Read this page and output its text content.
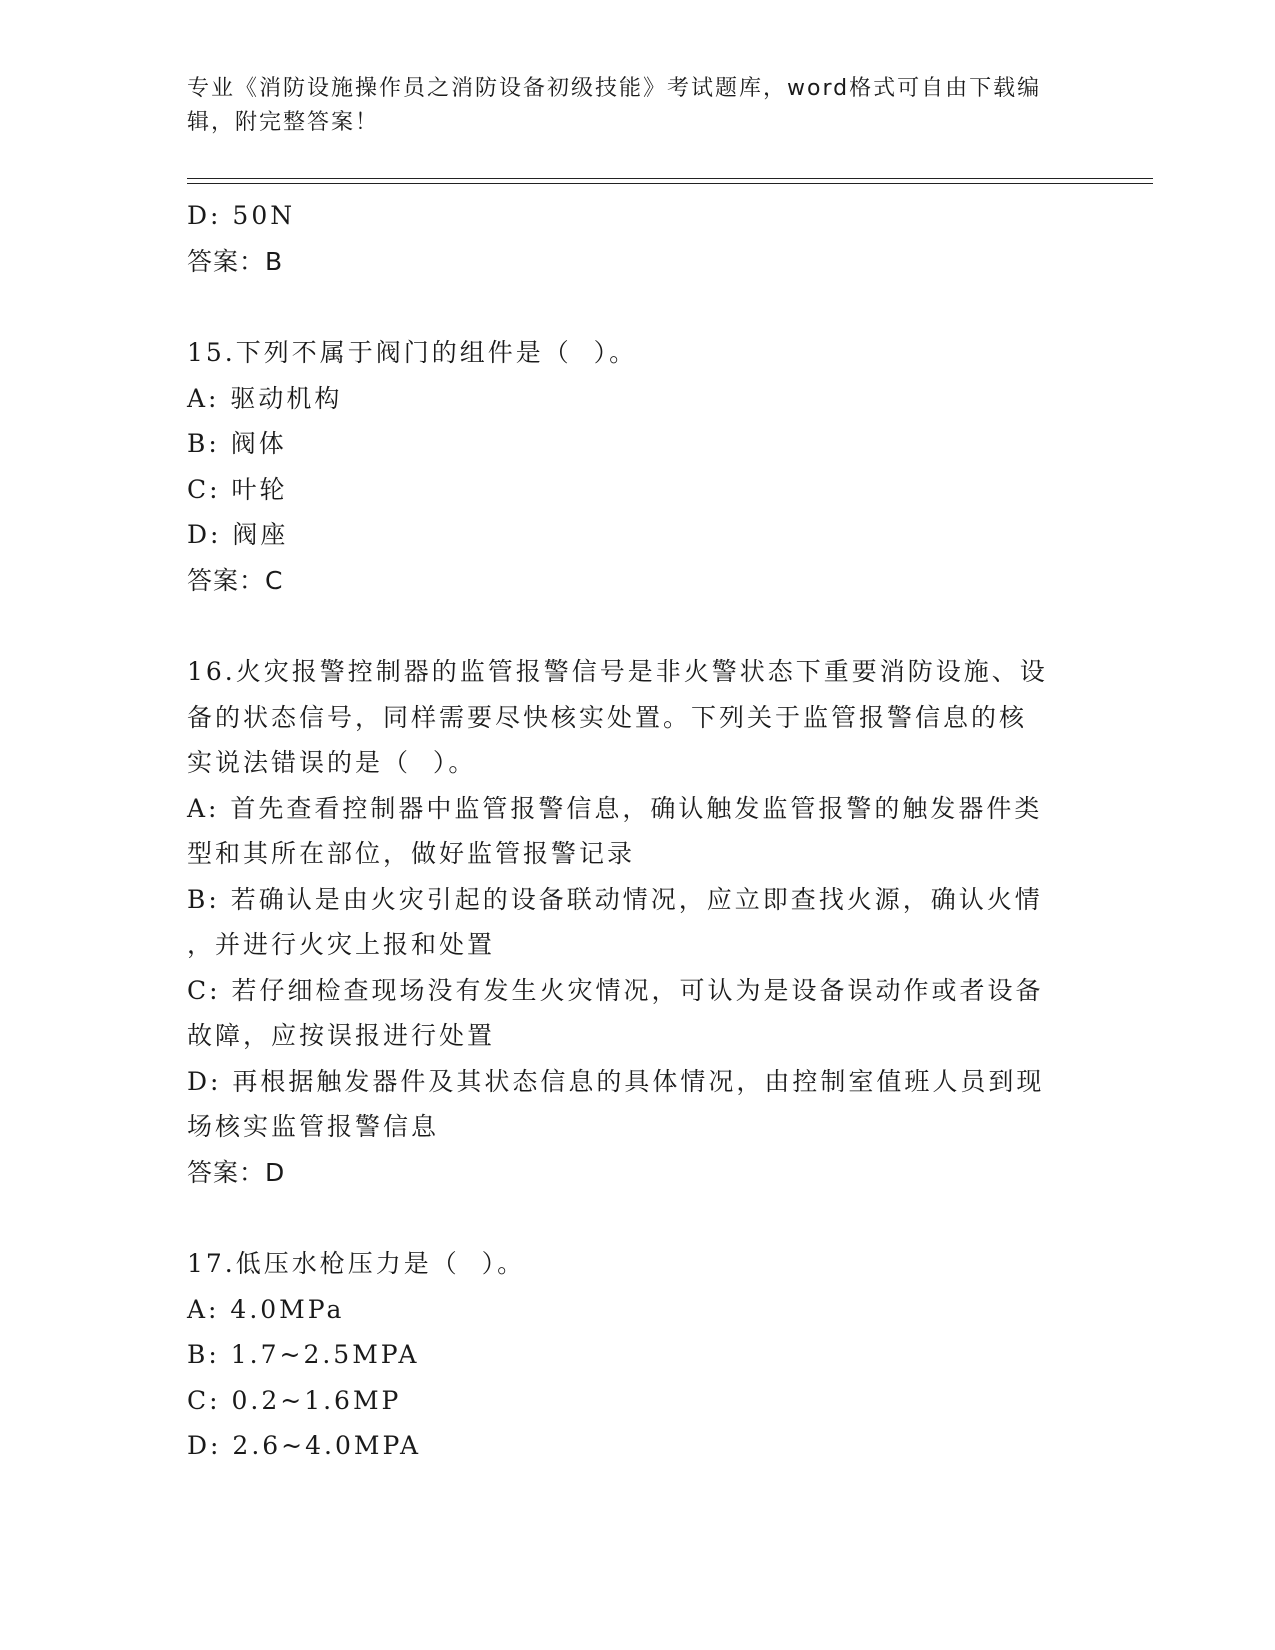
专业《消防设施操作员之消防设备初级技能》考试题库，word格式可自由下载编
辑，附完整答案！
D: 50N
答案：B
15.下列不属于阀门的组件是（  ）。
A: 驱动机构
B: 阀体
C: 叶轮
D: 阀座
答案：C
16.火灾报警控制器的监管报警信号是非火警状态下重要消防设施、设
备的状态信号，同样需要尽快核实处置。下列关于监管报警信息的核
实说法错误的是（  ）。
A: 首先查看控制器中监管报警信息，确认触发监管报警的触发器件类
型和其所在部位，做好监管报警记录
B: 若确认是由火灾引起的设备联动情况，应立即查找火源，确认火情
，并进行火灾上报和处置
C: 若仔细检查现场没有发生火灾情况，可认为是设备误动作或者设备
故障，应按误报进行处置
D: 再根据触发器件及其状态信息的具体情况，由控制室值班人员到现
场核实监管报警信息
答案：D
17.低压水枪压力是（  ）。
A: 4.0MPa
B: 1.7~2.5MPA
C: 0.2~1.6MP
D: 2.6~4.0MPA
